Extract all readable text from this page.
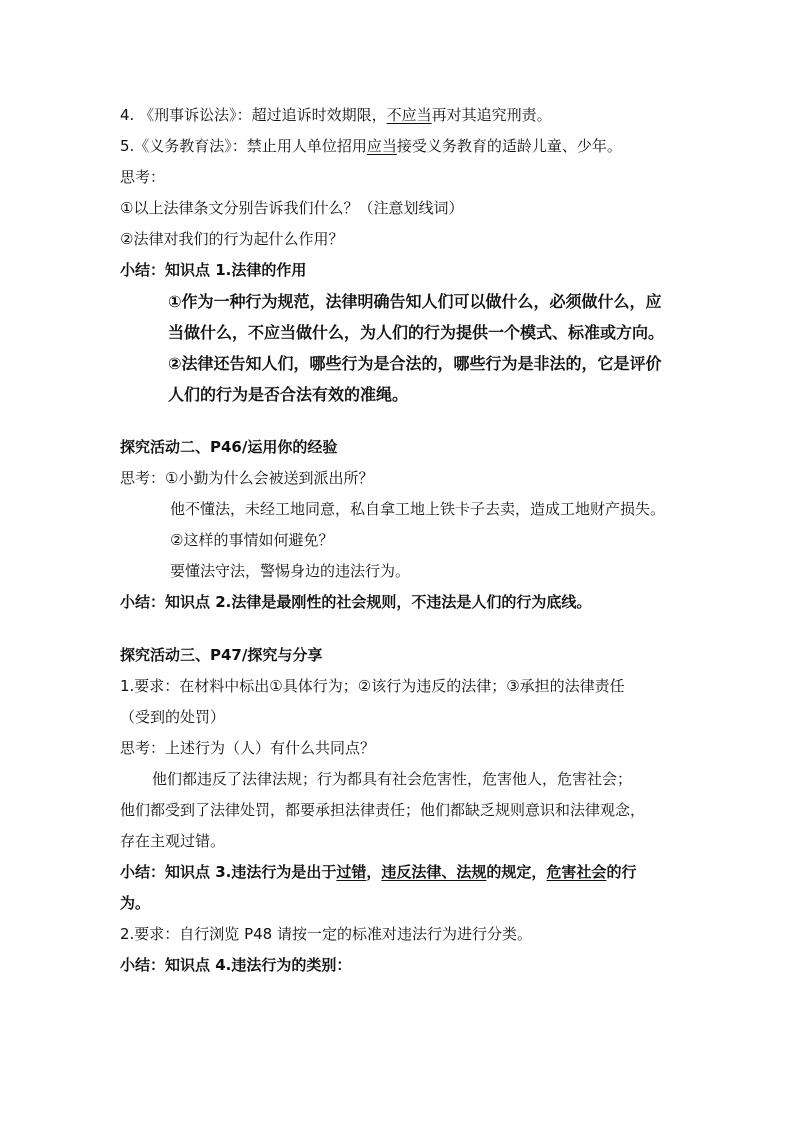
4. 《刑事诉讼法》：超过追诉时效期限，不应当再对其追究刑责。
5.《义务教育法》：禁止用人单位招用应当接受义务教育的适龄儿童、少年。
思考：
①以上法律条文分别告诉我们什么？（注意划线词）
②法律对我们的行为起什么作用？
小结：知识点 1.法律的作用
①作为一种行为规范，法律明确告知人们可以做什么，必须做什么，应
当做什么，不应当做什么，为人们的行为提供一个模式、标准或方向。
②法律还告知人们，哪些行为是合法的，哪些行为是非法的，它是评价
人们的行为是否合法有效的准绳。
探究活动二、P46/运用你的经验
思考：①小勤为什么会被送到派出所？
他不懂法，未经工地同意，私自拿工地上铁卡子去卖，造成工地财产损失。
②这样的事情如何避免？
要懂法守法，警惕身边的违法行为。
小结：知识点 2.法律是最刚性的社会规则，不违法是人们的行为底线。
探究活动三、P47/探究与分享
1.要求：在材料中标出①具体行为；②该行为违反的法律；③承担的法律责任
（受到的处罚）
思考：上述行为（人）有什么共同点？
他们都违反了法律法规；行为都具有社会危害性，危害他人，危害社会；
他们都受到了法律处罚，都要承担法律责任；他们都缺乏规则意识和法律观念，
存在主观过错。
小结：知识点 3.违法行为是出于过错，违反法律、法规的规定，危害社会的行
为。
2.要求：自行浏览 P48 请按一定的标准对违法行为进行分类。
小结：知识点 4.违法行为的类别：
